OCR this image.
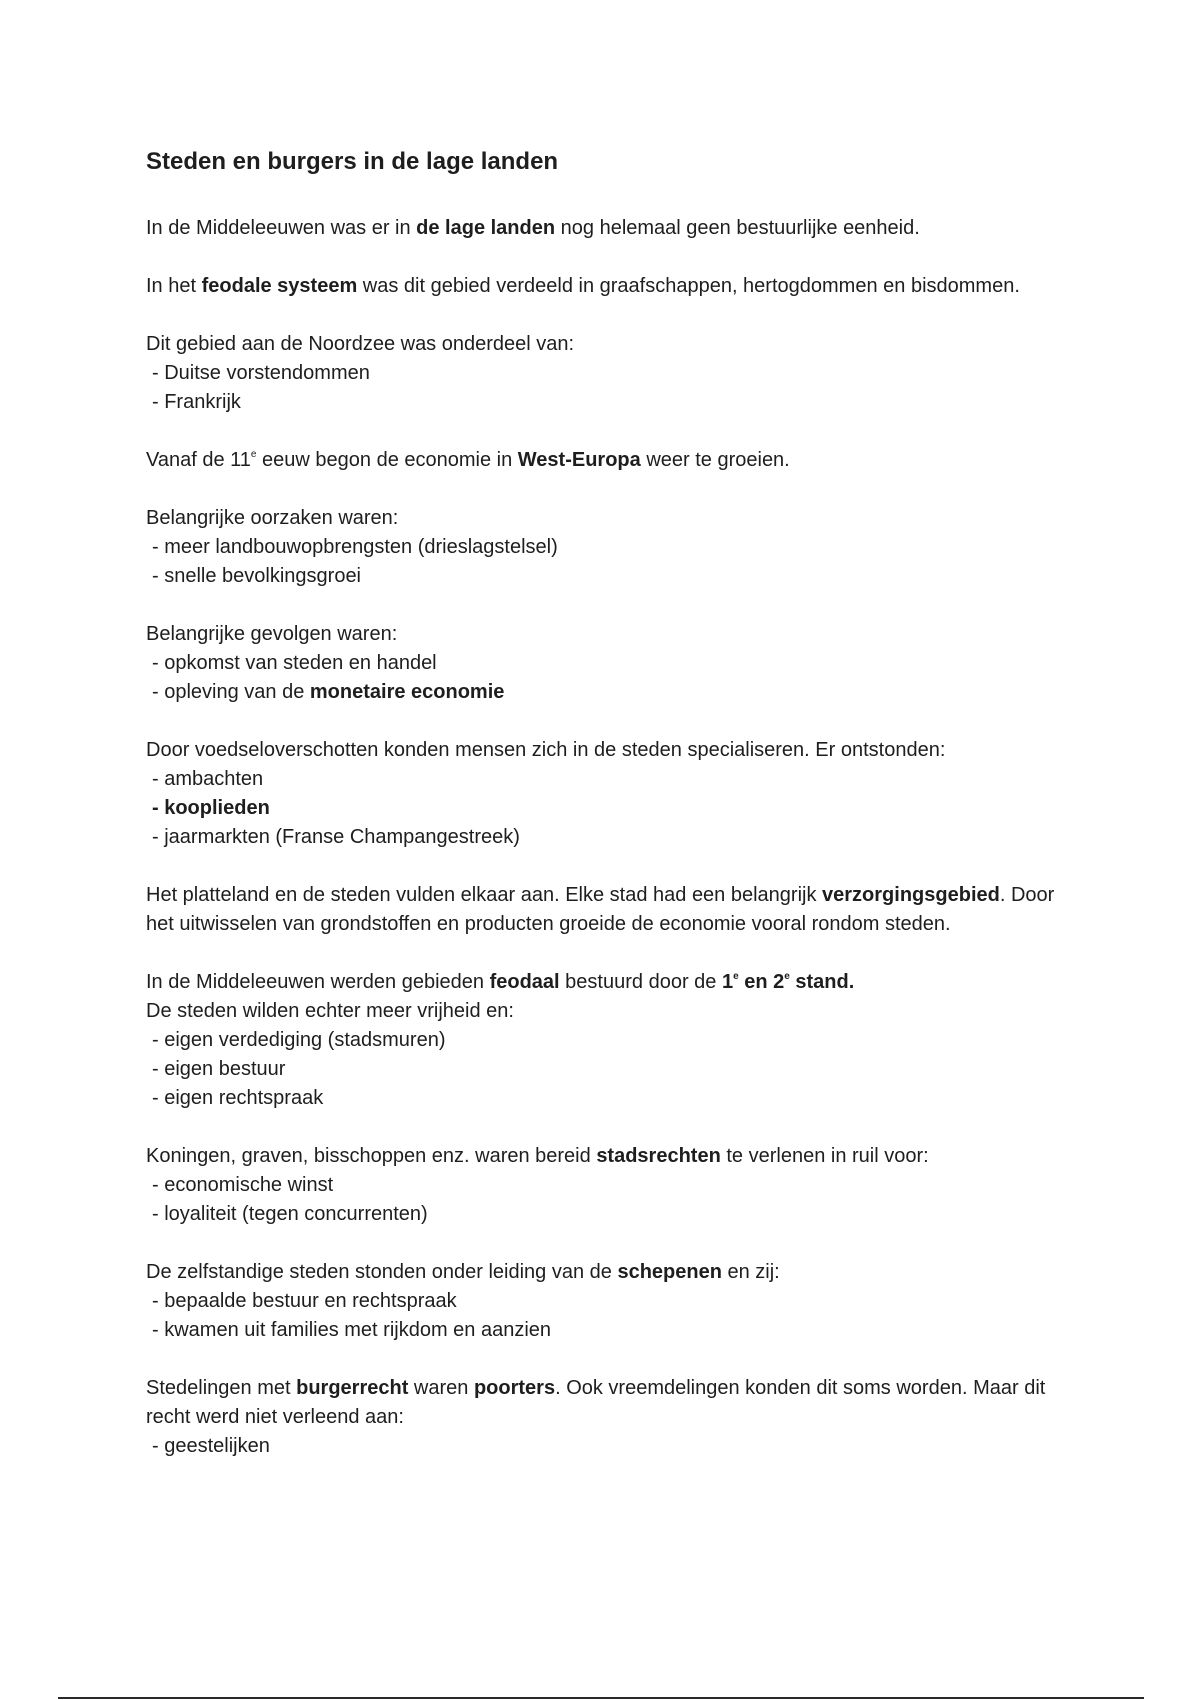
Steden en burgers in de lage landen

In de Middeleeuwen was er in de lage landen nog helemaal geen bestuurlijke eenheid.

In het feodale systeem was dit gebied verdeeld in graafschappen, hertogdommen en bisdommen.

Dit gebied aan de Noordzee was onderdeel van:
- Duitse vorstendommen
- Frankrijk

Vanaf de 11e eeuw begon de economie in West-Europa weer te groeien.

Belangrijke oorzaken waren:
- meer landbouwopbrengsten (drieslagstelsel)
- snelle bevolkingsgroei

Belangrijke gevolgen waren:
- opkomst van steden en handel
- opleving van de monetaire economie

Door voedseloverschotten konden mensen zich in de steden specialiseren. Er ontstonden:
- ambachten
- kooplieden
- jaarmarkten (Franse Champangestreek)

Het platteland en de steden vulden elkaar aan. Elke stad had een belangrijk verzorgingsgebied. Door het uitwisselen van grondstoffen en producten groeide de economie vooral rondom steden.

In de Middeleeuwen werden gebieden feodaal bestuurd door de 1e en 2e stand.
De steden wilden echter meer vrijheid en:
- eigen verdediging (stadsmuren)
- eigen bestuur
- eigen rechtspraak

Koningen, graven, bisschoppen enz. waren bereid stadsrechten te verlenen in ruil voor:
- economische winst
- loyaliteit (tegen concurrenten)

De zelfstandige steden stonden onder leiding van de schepenen en zij:
- bepaalde bestuur en rechtspraak
- kwamen uit families met rijkdom en aanzien

Stedelingen met burgerrecht waren poorters. Ook vreemdelingen konden dit soms worden. Maar dit recht werd niet verleend aan:
- geestelijken
